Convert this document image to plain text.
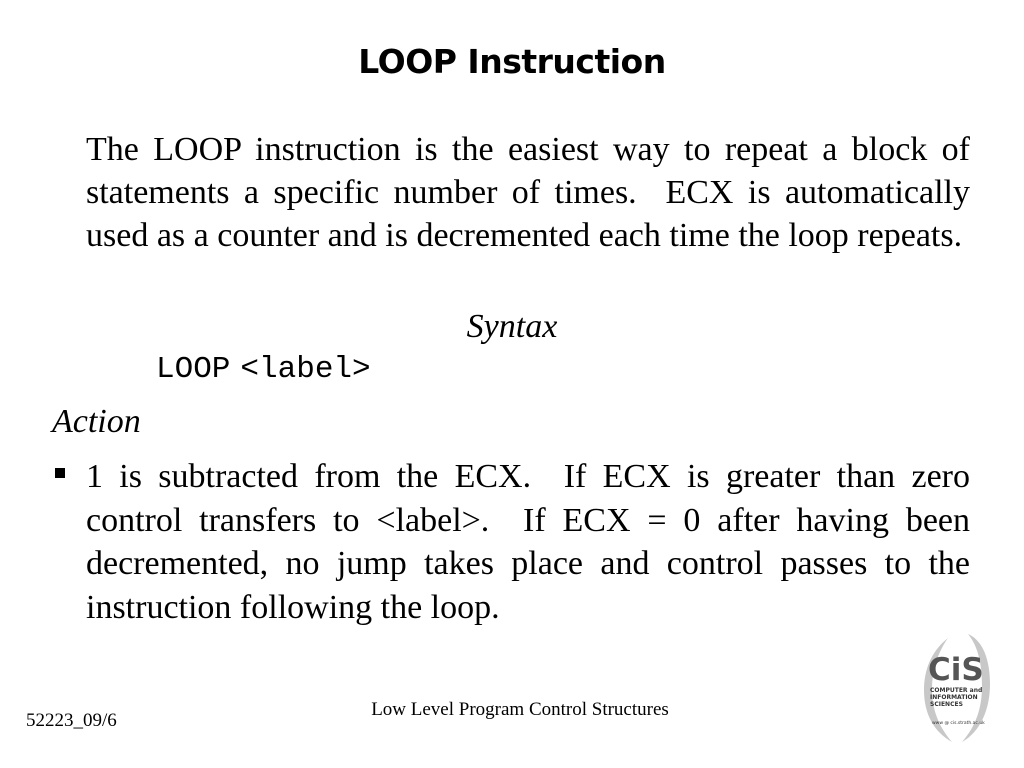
LOOP Instruction
The LOOP instruction is the easiest way to repeat a block of statements a specific number of times.  ECX is automatically used as a counter and is decremented each time the loop repeats.
Syntax
LOOP <label>
Action
1 is subtracted from the ECX.  If ECX is greater than zero control transfers to <label>.  If ECX = 0 after having been decremented, no jump takes place and control passes to the instruction following the loop.
Low Level Program Control Structures
52223_09/6
CiS
COMPUTER and
INFORMATION
SCIENCES
www @ cis.strath.ac.uk
